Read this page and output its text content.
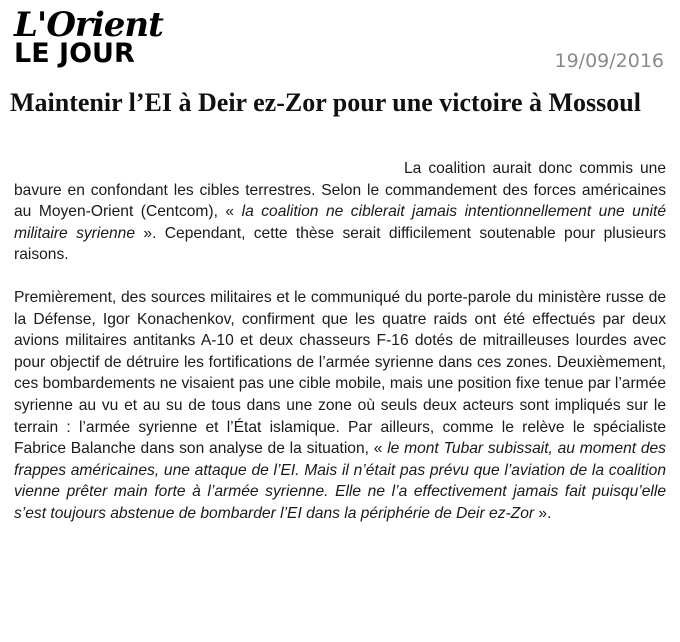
L'Orient
LE JOUR	19/09/2016
Maintenir l’EI à Deir ez-Zor pour une victoire à Mossoul

La coalition aurait donc commis une bavure en confondant les cibles terrestres. Selon le commandement des forces américaines au Moyen-Orient (Centcom), « la coalition ne ciblerait jamais intentionnellement une unité militaire syrienne ». Cependant, cette thèse serait difficilement soutenable pour plusieurs raisons.

Premièrement, des sources militaires et le communiqué du porte-parole du ministère russe de la Défense, Igor Konachenkov, confirment que les quatre raids ont été effectués par deux avions militaires antitanks A-10 et deux chasseurs F-16 dotés de mitrailleuses lourdes avec pour objectif de détruire les fortifications de l’armée syrienne dans ces zones. Deuxièmement, ces bombardements ne visaient pas une cible mobile, mais une position fixe tenue par l’armée syrienne au vu et au su de tous dans une zone où seuls deux acteurs sont impliqués sur le terrain : l’armée syrienne et l’État islamique. Par ailleurs, comme le relève le spécialiste Fabrice Balanche dans son analyse de la situation, « le mont Tubar subissait, au moment des frappes américaines, une attaque de l’EI. Mais il n’était pas prévu que l’aviation de la coalition vienne prêter main forte à l’armée syrienne. Elle ne l’a effectivement jamais fait puisqu’elle s’est toujours abstenue de bombarder l’EI dans la périphérie de Deir ez-Zor ».
